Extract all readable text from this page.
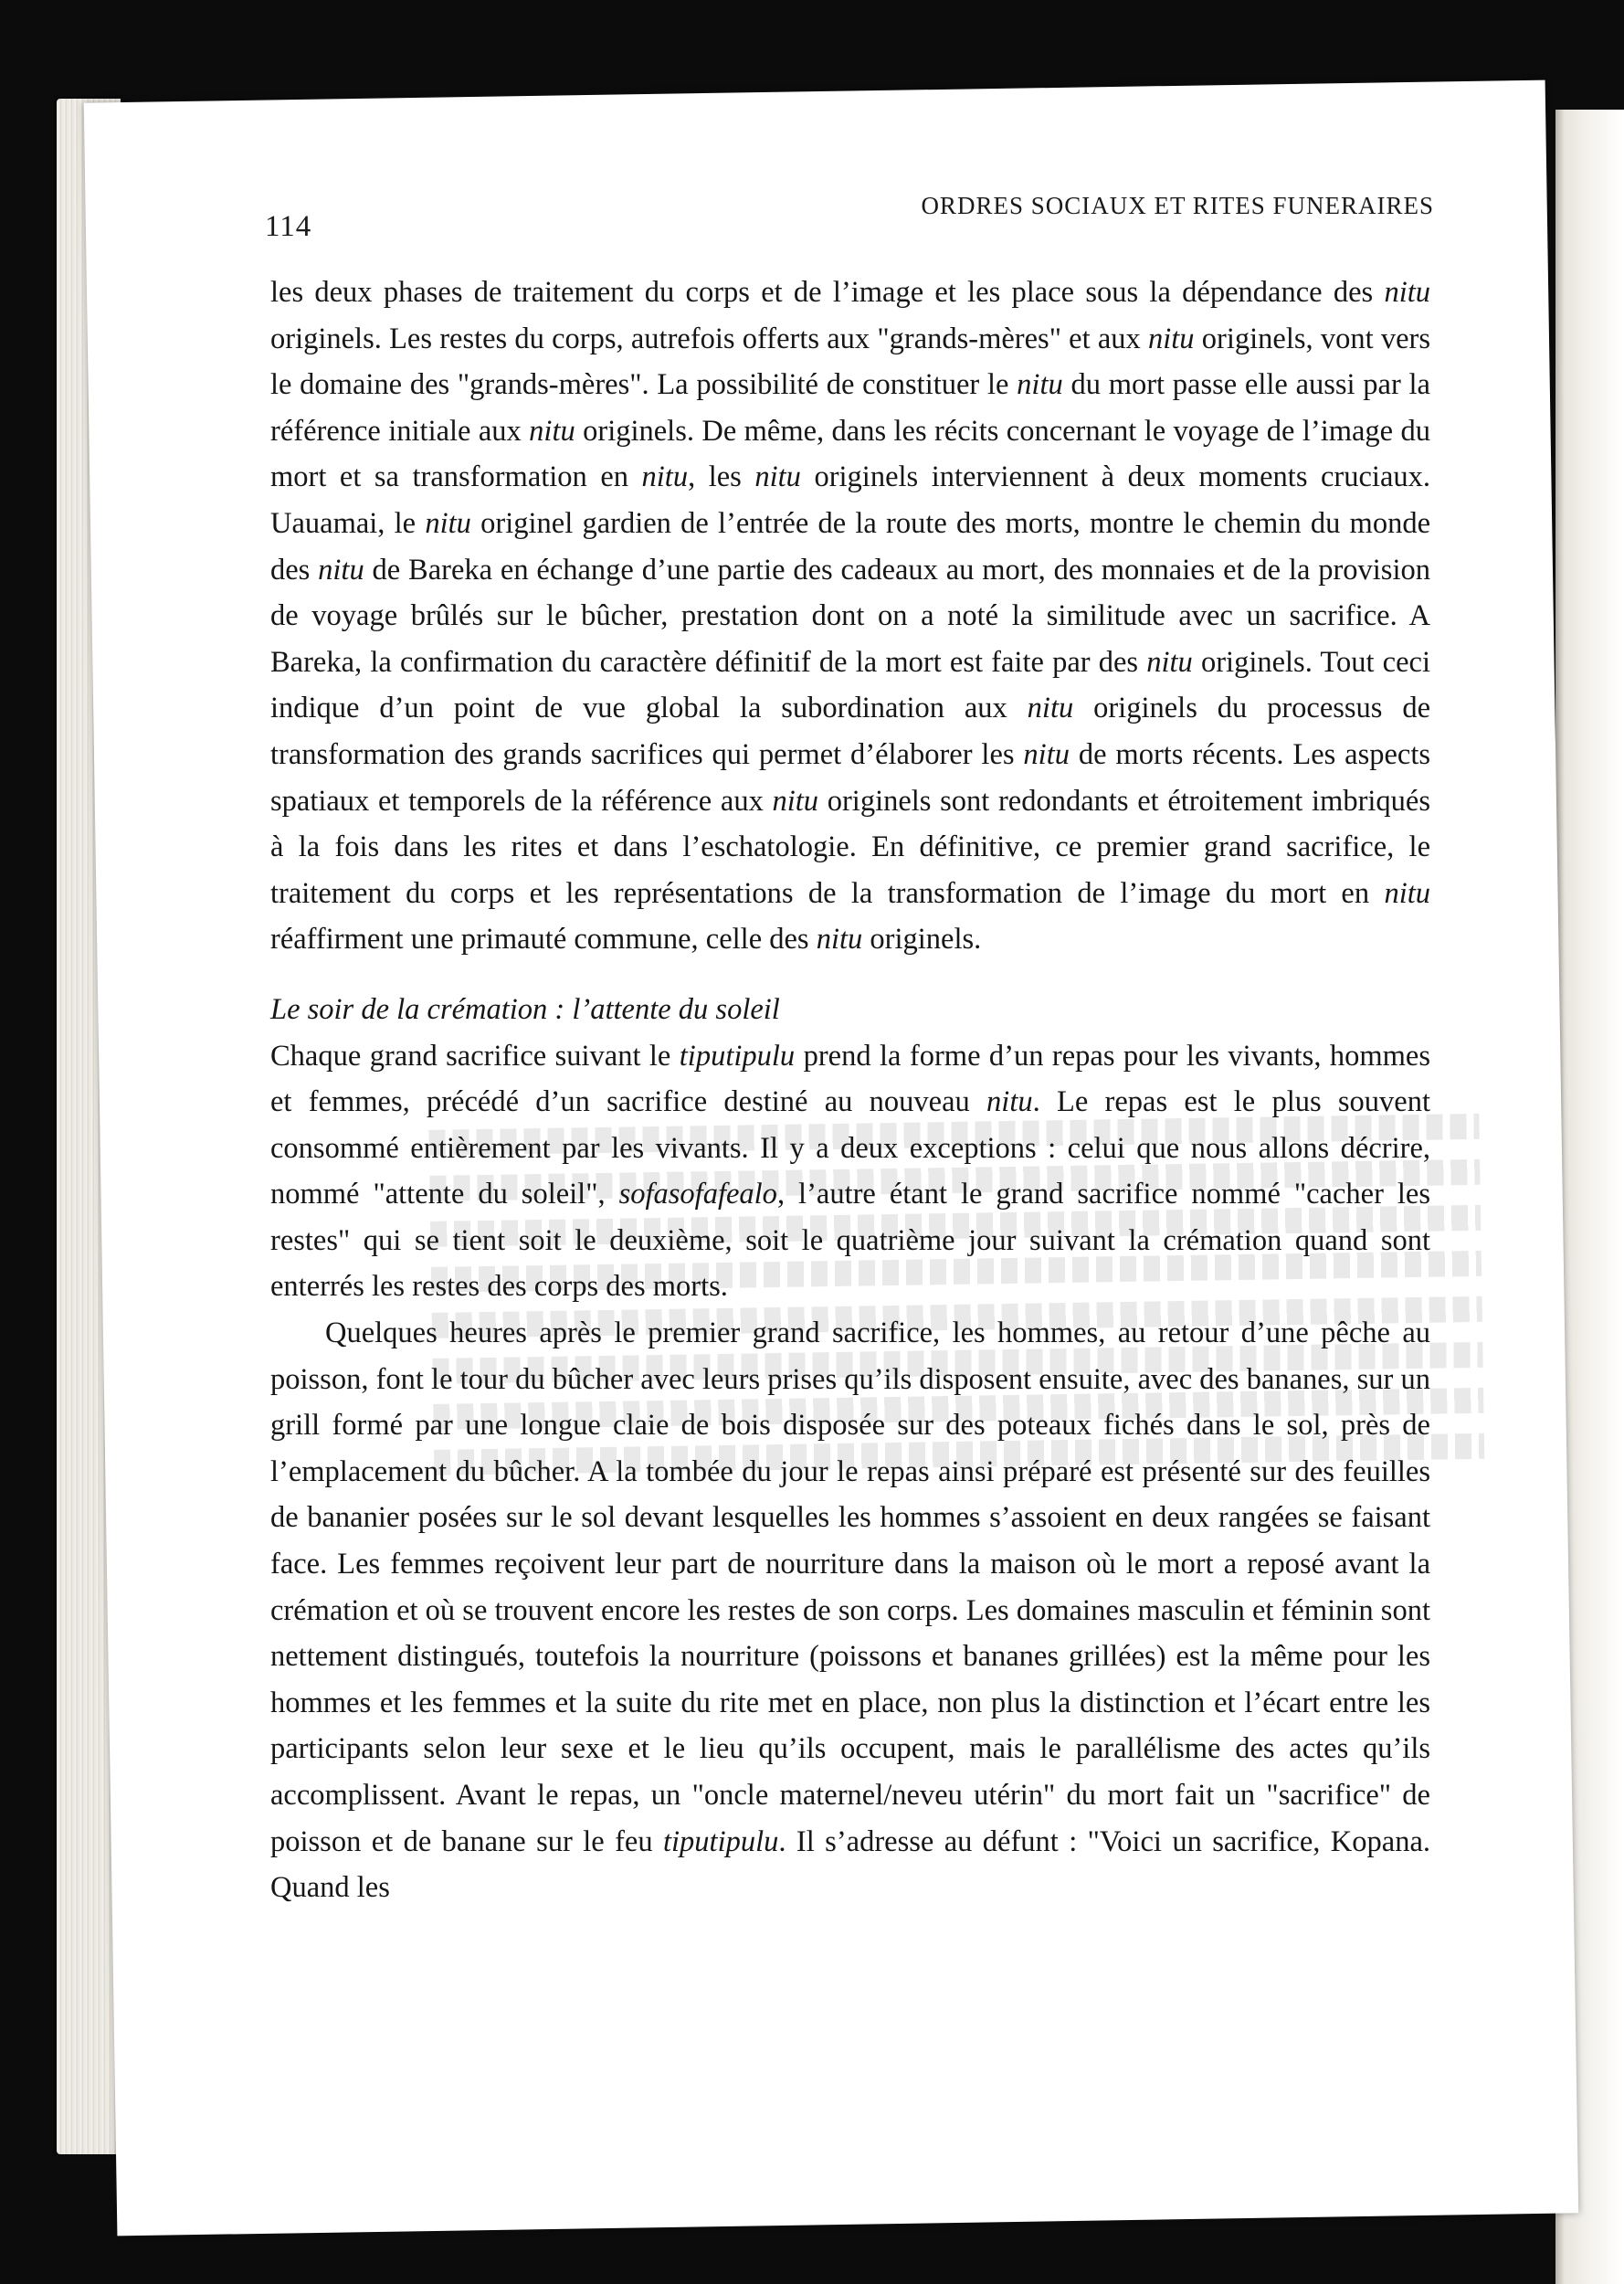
114
ORDRES SOCIAUX ET RITES FUNERAIRES

les deux phases de traitement du corps et de l’image et les place sous la dépendance des nitu originels. Les restes du corps, autrefois offerts aux "grands-mères" et aux nitu originels, vont vers le domaine des "grands-mères". La possibilité de constituer le nitu du mort passe elle aussi par la référence initiale aux nitu originels. De même, dans les récits concernant le voyage de l’image du mort et sa transformation en nitu, les nitu originels interviennent à deux moments cruciaux. Uauamai, le nitu originel gardien de l’entrée de la route des morts, montre le chemin du monde des nitu de Bareka en échange d’une partie des cadeaux au mort, des monnaies et de la provision de voyage brûlés sur le bûcher, prestation dont on a noté la similitude avec un sacrifice. A Bareka, la confirmation du caractère définitif de la mort est faite par des nitu originels. Tout ceci indique d’un point de vue global la subordination aux nitu originels du processus de transformation des grands sacrifices qui permet d’élaborer les nitu de morts récents. Les aspects spatiaux et temporels de la référence aux nitu originels sont redondants et étroitement imbriqués à la fois dans les rites et dans l’eschatologie. En définitive, ce premier grand sacrifice, le traitement du corps et les représentations de la transformation de l’image du mort en nitu réaffirment une primauté commune, celle des nitu originels.

Le soir de la crémation : l’attente du soleil

Chaque grand sacrifice suivant le tiputipulu prend la forme d’un repas pour les vivants, hommes et femmes, précédé d’un sacrifice destiné au nouveau nitu. Le repas est le plus souvent consommé entièrement par les vivants. Il y a deux exceptions : celui que nous allons décrire, nommé "attente du soleil", sofasofafealo, l’autre étant le grand sacrifice nommé "cacher les restes" qui se tient soit le deuxième, soit le quatrième jour suivant la crémation quand sont enterrés les restes des corps des morts.

Quelques heures après le premier grand sacrifice, les hommes, au retour d’une pêche au poisson, font le tour du bûcher avec leurs prises qu’ils disposent ensuite, avec des bananes, sur un grill formé par une longue claie de bois disposée sur des poteaux fichés dans le sol, près de l’emplacement du bûcher. A la tombée du jour le repas ainsi préparé est présenté sur des feuilles de bananier posées sur le sol devant lesquelles les hommes s’assoient en deux rangées se faisant face. Les femmes reçoivent leur part de nourriture dans la maison où le mort a reposé avant la crémation et où se trouvent encore les restes de son corps. Les domaines masculin et féminin sont nettement distingués, toutefois la nourriture (poissons et bananes grillées) est la même pour les hommes et les femmes et la suite du rite met en place, non plus la distinction et l’écart entre les participants selon leur sexe et le lieu qu’ils occupent, mais le parallélisme des actes qu’ils accomplissent. Avant le repas, un "oncle maternel/neveu utérin" du mort fait un "sacrifice" de poisson et de banane sur le feu tiputipulu. Il s’adresse au défunt : "Voici un sacrifice, Kopana. Quand les
